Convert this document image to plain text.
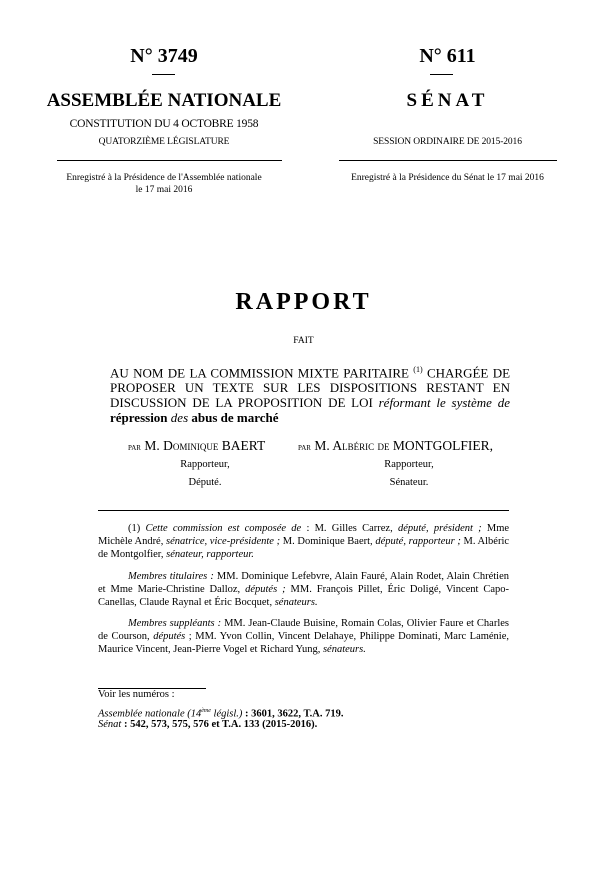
N° 3749
ASSEMBLÉE NATIONALE
CONSTITUTION DU 4 OCTOBRE 1958
QUATORZIÈME LÉGISLATURE
Enregistré à la Présidence de l'Assemblée nationale
le 17 mai 2016
N° 611
SÉNAT
SESSION ORDINAIRE DE 2015-2016
Enregistré à la Présidence du Sénat le 17 mai 2016
RAPPORT
FAIT
AU NOM DE LA COMMISSION MIXTE PARITAIRE $^{(1)}$ CHARGÉE DE PROPOSER UN TEXTE SUR LES DISPOSITIONS RESTANT EN DISCUSSION DE LA PROPOSITION DE LOI réformant le système de répression des abus de marché
par M. Dominique BAERT
Rapporteur,
Député.
par M. Albéric de MONTGOLFIER,
Rapporteur,
Sénateur.
(1) Cette commission est composée de : M. Gilles Carrez, député, président ; Mme Michèle André, sénatrice, vice-présidente ; M. Dominique Baert, député, rapporteur ; M. Albéric de Montgolfier, sénateur, rapporteur.
Membres titulaires : MM. Dominique Lefebvre, Alain Fauré, Alain Rodet, Alain Chrétien et Mme Marie-Christine Dalloz, députés ; MM. François Pillet, Éric Doligé, Vincent Capo-Canellas, Claude Raynal et Éric Bocquet, sénateurs.
Membres suppléants : MM. Jean-Claude Buisine, Romain Colas, Olivier Faure et Charles de Courson, députés ; MM. Yvon Collin, Vincent Delahaye, Philippe Dominati, Marc Laménie, Maurice Vincent, Jean-Pierre Vogel et Richard Yung, sénateurs.
Voir les numéros :
Assemblée nationale (14ème législ.) : 3601, 3622, T.A. 719.
Sénat : 542, 573, 575, 576 et T.A. 133 (2015-2016).
